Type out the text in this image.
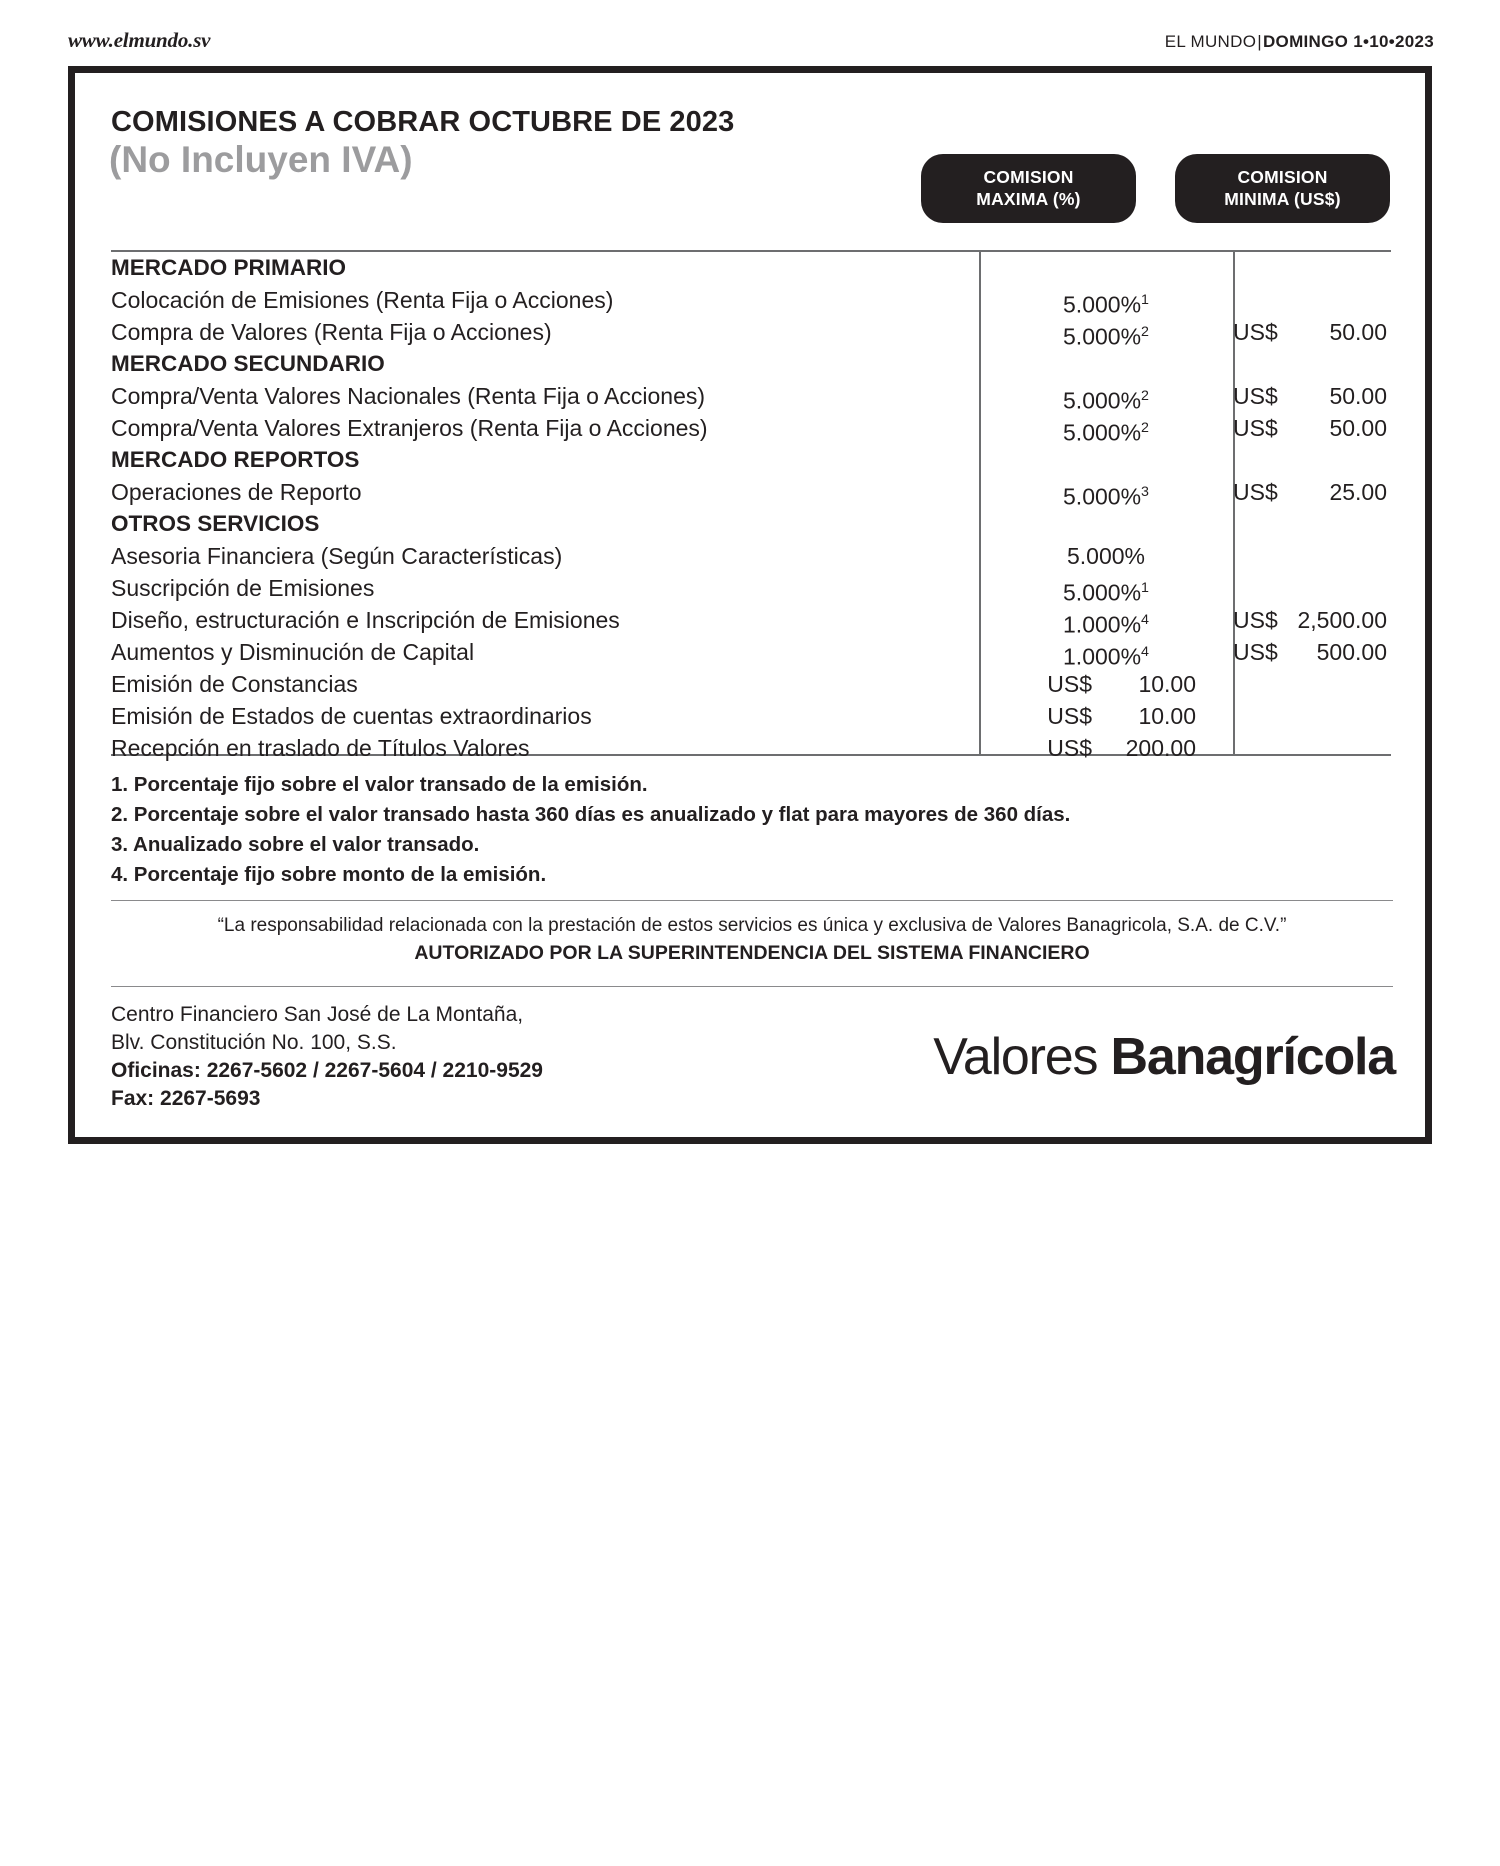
www.elmundo.sv	EL MUNDO|DOMINGO 1•10•2023
COMISIONES A COBRAR OCTUBRE DE 2023
(No Incluyen IVA)	COMISION
MAXIMA (%)
COMISION
MINIMA (US$)
MERCADO PRIMARIO
Colocación de Emisiones (Renta Fija o Acciones)	5.000%$^1$
Compra de Valores (Renta Fija o Acciones)	5.000%$^2$	US$ 50.00
MERCADO SECUNDARIO
Compra/Venta Valores Nacionales (Renta Fija o Acciones)	5.000%$^2$	US$ 50.00
Compra/Venta Valores Extranjeros (Renta Fija o Acciones)	5.000%$^2$	US$ 50.00
MERCADO REPORTOS
Operaciones de Reporto	5.000%$^3$	US$ 25.00
OTROS SERVICIOS
Asesoria Financiera (Según Características)	5.000%
Suscripción de Emisiones	5.000%$^1$
Diseño, estructuración e Inscripción de Emisiones	1.000%$^4$	US$ 2,500.00
Aumentos y Disminución de Capital	1.000%$^4$	US$ 500.00
Emisión de Constancias	US$ 10.00
Emisión de Estados de cuentas extraordinarios	US$ 10.00
Recepción en traslado de Títulos Valores	US$ 200.00
1. Porcentaje fijo sobre el valor transado de la emisión.
2. Porcentaje sobre el valor transado hasta 360 días es anualizado y flat para mayores de 360 días.
3. Anualizado sobre el valor transado.
4. Porcentaje fijo sobre monto de la emisión.
“La responsabilidad relacionada con la prestación de estos servicios es única y exclusiva de Valores Banagricola, S.A. de C.V.”
AUTORIZADO POR LA SUPERINTENDENCIA DEL SISTEMA FINANCIERO
Centro Financiero San José de La Montaña,
Blv. Constitución No. 100, S.S.
Oficinas: 2267-5602 / 2267-5604 / 2210-9529
Fax: 2267-5693
Valores Banagrícola
